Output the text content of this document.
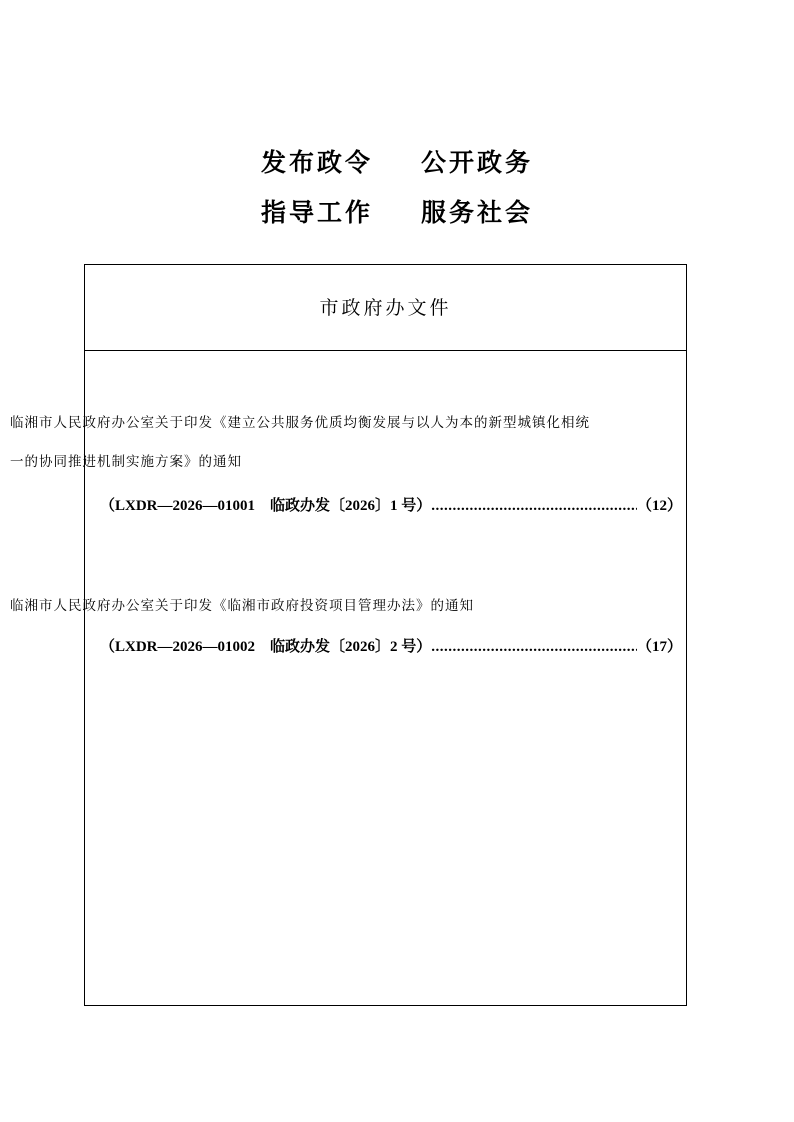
发布政令 公开政务
指导工作 服务社会
市政府办文件
临湘市人民政府办公室关于印发《建立公共服务优质均衡发展与以人为本的新型城镇化相统一的协同推进机制实施方案》的通知
（LXDR—2026—01001　临政办发〔2026〕1 号） .....	（12）
临湘市人民政府办公室关于印发《临湘市政府投资项目管理办法》的通知
（LXDR—2026—01002　临政办发〔2026〕2 号） .....	（17）
